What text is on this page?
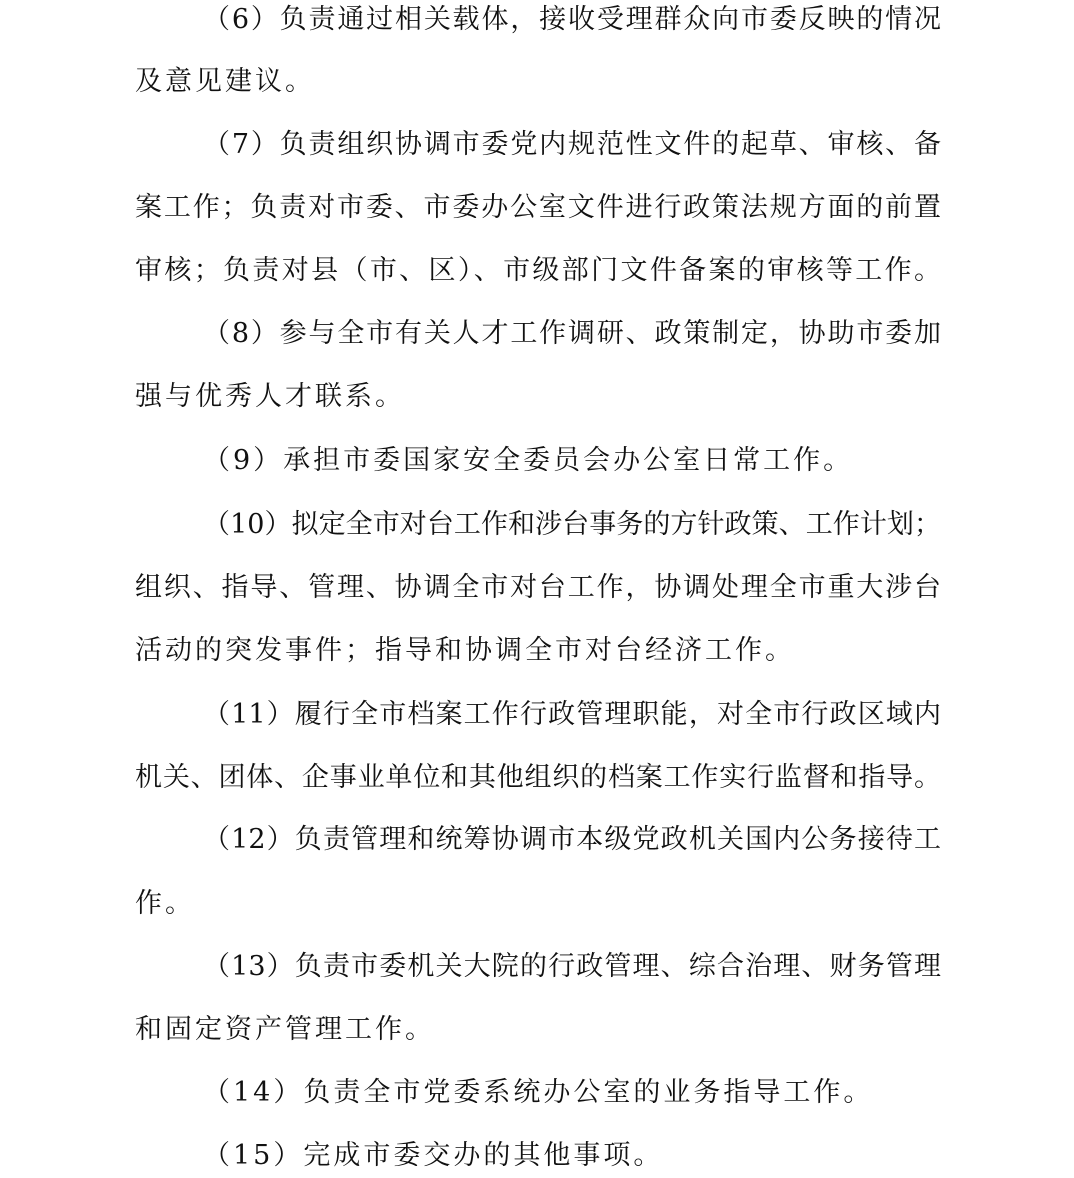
（6）负责通过相关载体，接收受理群众向市委反映的情况
及意见建议。
（7）负责组织协调市委党内规范性文件的起草、审核、备
案工作；负责对市委、市委办公室文件进行政策法规方面的前置
审核；负责对县（市、区）、市级部门文件备案的审核等工作。
（8）参与全市有关人才工作调研、政策制定，协助市委加
强与优秀人才联系。
（9）承担市委国家安全委员会办公室日常工作。
（10）拟定全市对台工作和涉台事务的方针政策、工作计划；
组织、指导、管理、协调全市对台工作，协调处理全市重大涉台
活动的突发事件；指导和协调全市对台经济工作。
（11）履行全市档案工作行政管理职能，对全市行政区域内
机关、团体、企事业单位和其他组织的档案工作实行监督和指导。
（12）负责管理和统筹协调市本级党政机关国内公务接待工
作。
（13）负责市委机关大院的行政管理、综合治理、财务管理
和固定资产管理工作。
（14）负责全市党委系统办公室的业务指导工作。
（15）完成市委交办的其他事项。
